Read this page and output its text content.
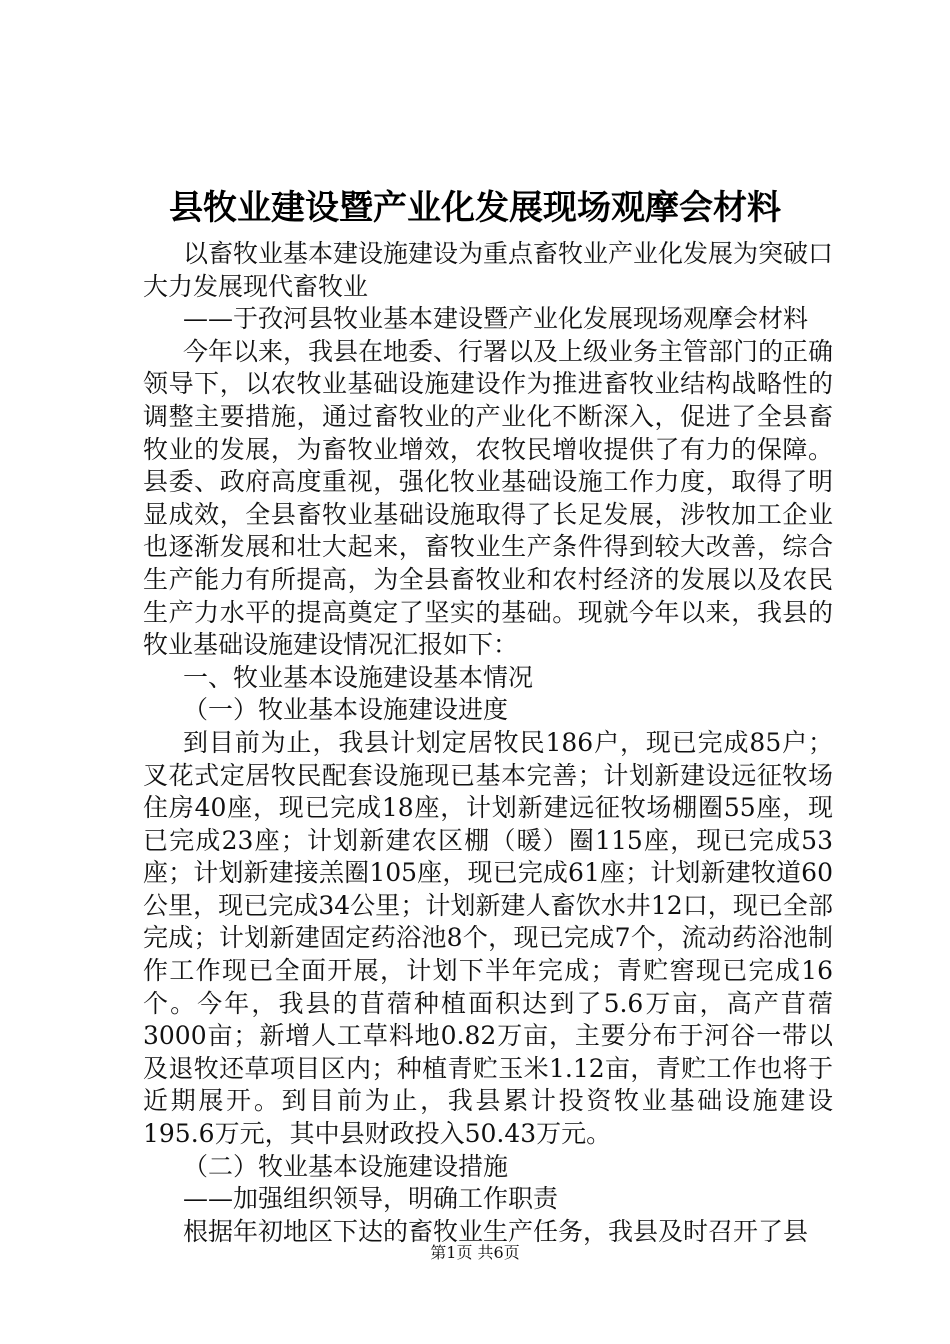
县牧业建设暨产业化发展现场观摩会材料

以畜牧业基本建设施建设为重点畜牧业产业化发展为突破口大力发展现代畜牧业

——于孜河县牧业基本建设暨产业化发展现场观摩会材料

今年以来，我县在地委、行署以及上级业务主管部门的正确领导下，以农牧业基础设施建设作为推进畜牧业结构战略性的调整主要措施，通过畜牧业的产业化不断深入，促进了全县畜牧业的发展，为畜牧业增效，农牧民增收提供了有力的保障。县委、政府高度重视，强化牧业基础设施工作力度，取得了明显成效，全县畜牧业基础设施取得了长足发展，涉牧加工企业也逐渐发展和壮大起来，畜牧业生产条件得到较大改善，综合生产能力有所提高，为全县畜牧业和农村经济的发展以及农民生产力水平的提高奠定了坚实的基础。现就今年以来，我县的牧业基础设施建设情况汇报如下：

一、牧业基本设施建设基本情况

（一）牧业基本设施建设进度

到目前为止，我县计划定居牧民186户，现已完成85户；叉花式定居牧民配套设施现已基本完善；计划新建设远征牧场住房40座，现已完成18座，计划新建远征牧场棚圈55座，现已完成23座；计划新建农区棚（暖）圈115座，现已完成53座；计划新建接羔圈105座，现已完成61座；计划新建牧道60公里，现已完成34公里；计划新建人畜饮水井12口，现已全部完成；计划新建固定药浴池8个，现已完成7个，流动药浴池制作工作现已全面开展，计划下半年完成；青贮窖现已完成16个。今年，我县的苜蓿种植面积达到了5.6万亩，高产苜蓿3000亩；新增人工草料地0.82万亩，主要分布于河谷一带以及退牧还草项目区内；种植青贮玉米1.12亩，青贮工作也将于近期展开。到目前为止，我县累计投资牧业基础设施建设195.6万元，其中县财政投入50.43万元。

（二）牧业基本设施建设措施

——加强组织领导，明确工作职责

根据年初地区下达的畜牧业生产任务，我县及时召开了县

第1页 共6页
